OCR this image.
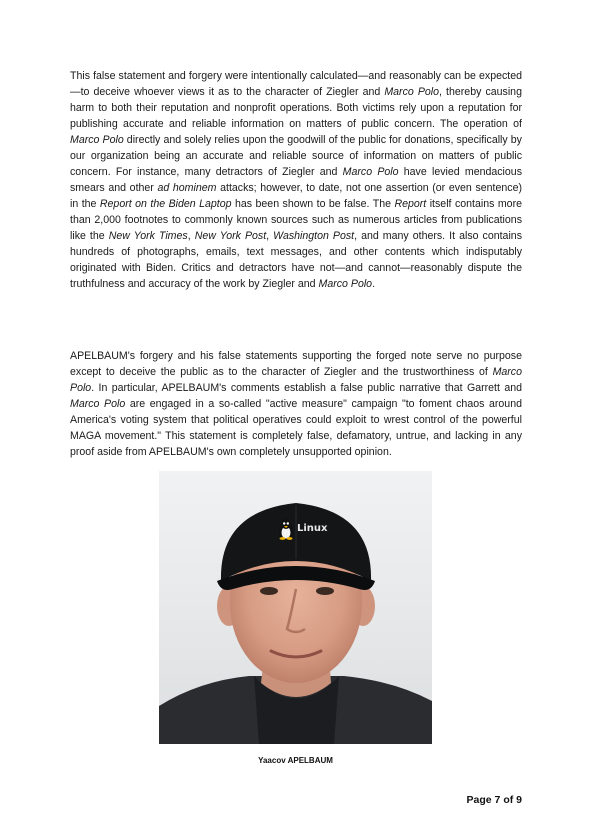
This false statement and forgery were intentionally calculated—and reasonably can be expected—to deceive whoever views it as to the character of Ziegler and Marco Polo, thereby causing harm to both their reputation and nonprofit operations. Both victims rely upon a reputation for publishing accurate and reliable information on matters of public concern. The operation of Marco Polo directly and solely relies upon the goodwill of the public for donations, specifically by our organization being an accurate and reliable source of information on matters of public concern. For instance, many detractors of Ziegler and Marco Polo have levied mendacious smears and other ad hominem attacks; however, to date, not one assertion (or even sentence) in the Report on the Biden Laptop has been shown to be false. The Report itself contains more than 2,000 footnotes to commonly known sources such as numerous articles from publications like the New York Times, New York Post, Washington Post, and many others. It also contains hundreds of photographs, emails, text messages, and other contents which indisputably originated with Biden. Critics and detractors have not—and cannot—reasonably dispute the truthfulness and accuracy of the work by Ziegler and Marco Polo.

APELBAUM's forgery and his false statements supporting the forged note serve no purpose except to deceive the public as to the character of Ziegler and the trustworthiness of Marco Polo. In particular, APELBAUM's comments establish a false public narrative that Garrett and Marco Polo are engaged in a so-called "active measure" campaign "to foment chaos around America's voting system that political operatives could exploit to wrest control of the powerful MAGA movement." This statement is completely false, defamatory, untrue, and lacking in any proof aside from APELBAUM's own completely unsupported opinion.

Linux
Yaacov APELBAUM
Page 7 of 9
